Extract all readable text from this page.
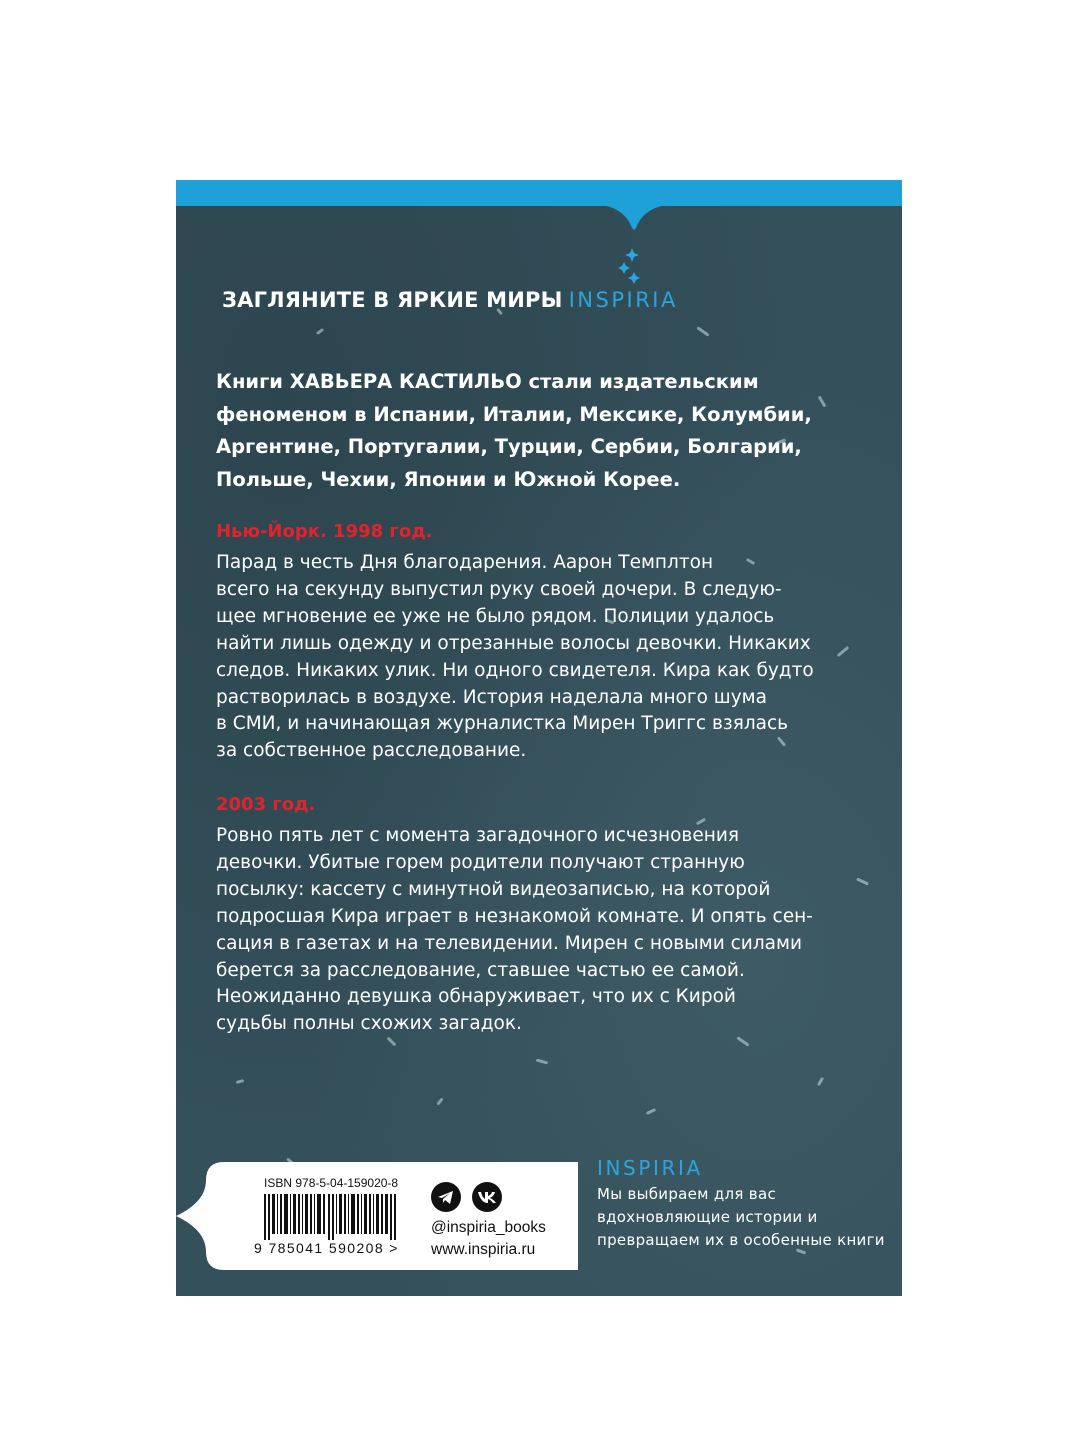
ЗАГЛЯНИТЕ В ЯРКИЕ МИРЫ INSPIRIA

Книги ХАВЬЕРА КАСТИЛЬО стали издательским феноменом в Испании, Италии, Мексике, Колумбии, Аргентине, Португалии, Турции, Сербии, Болгарии, Польше, Чехии, Японии и Южной Корее.

Нью-Йорк. 1998 год.

Парад в честь Дня благодарения. Аарон Темплтон
всего на секунду выпустил руку своей дочери. В следую-
щее мгновение ее уже не было рядом. Полиции удалось
найти лишь одежду и отрезанные волосы девочки. Никаких
следов. Никаких улик. Ни одного свидетеля. Кира как будто
растворилась в воздухе. История наделала много шума
в СМИ, и начинающая журналистка Мирен Триггс взялась
за собственное расследование.

2003 год.

Ровно пять лет с момента загадочного исчезновения
девочки. Убитые горем родители получают странную
посылку: кассету с минутной видеозаписью, на которой
подросшая Кира играет в незнакомой комнате. И опять сен-
сация в газетах и на телевидении. Мирен с новыми силами
берется за расследование, ставшее частью ее самой.
Неожиданно девушка обнаруживает, что их с Кирой
судьбы полны схожих загадок.

ISBN 978-5-04-159020-8

9 785041 590208 >

@inspiria_books

www.inspiria.ru

INSPIRIA

Мы выбираем для вас вдохновляющие истории и превращаем их в особенные книги
